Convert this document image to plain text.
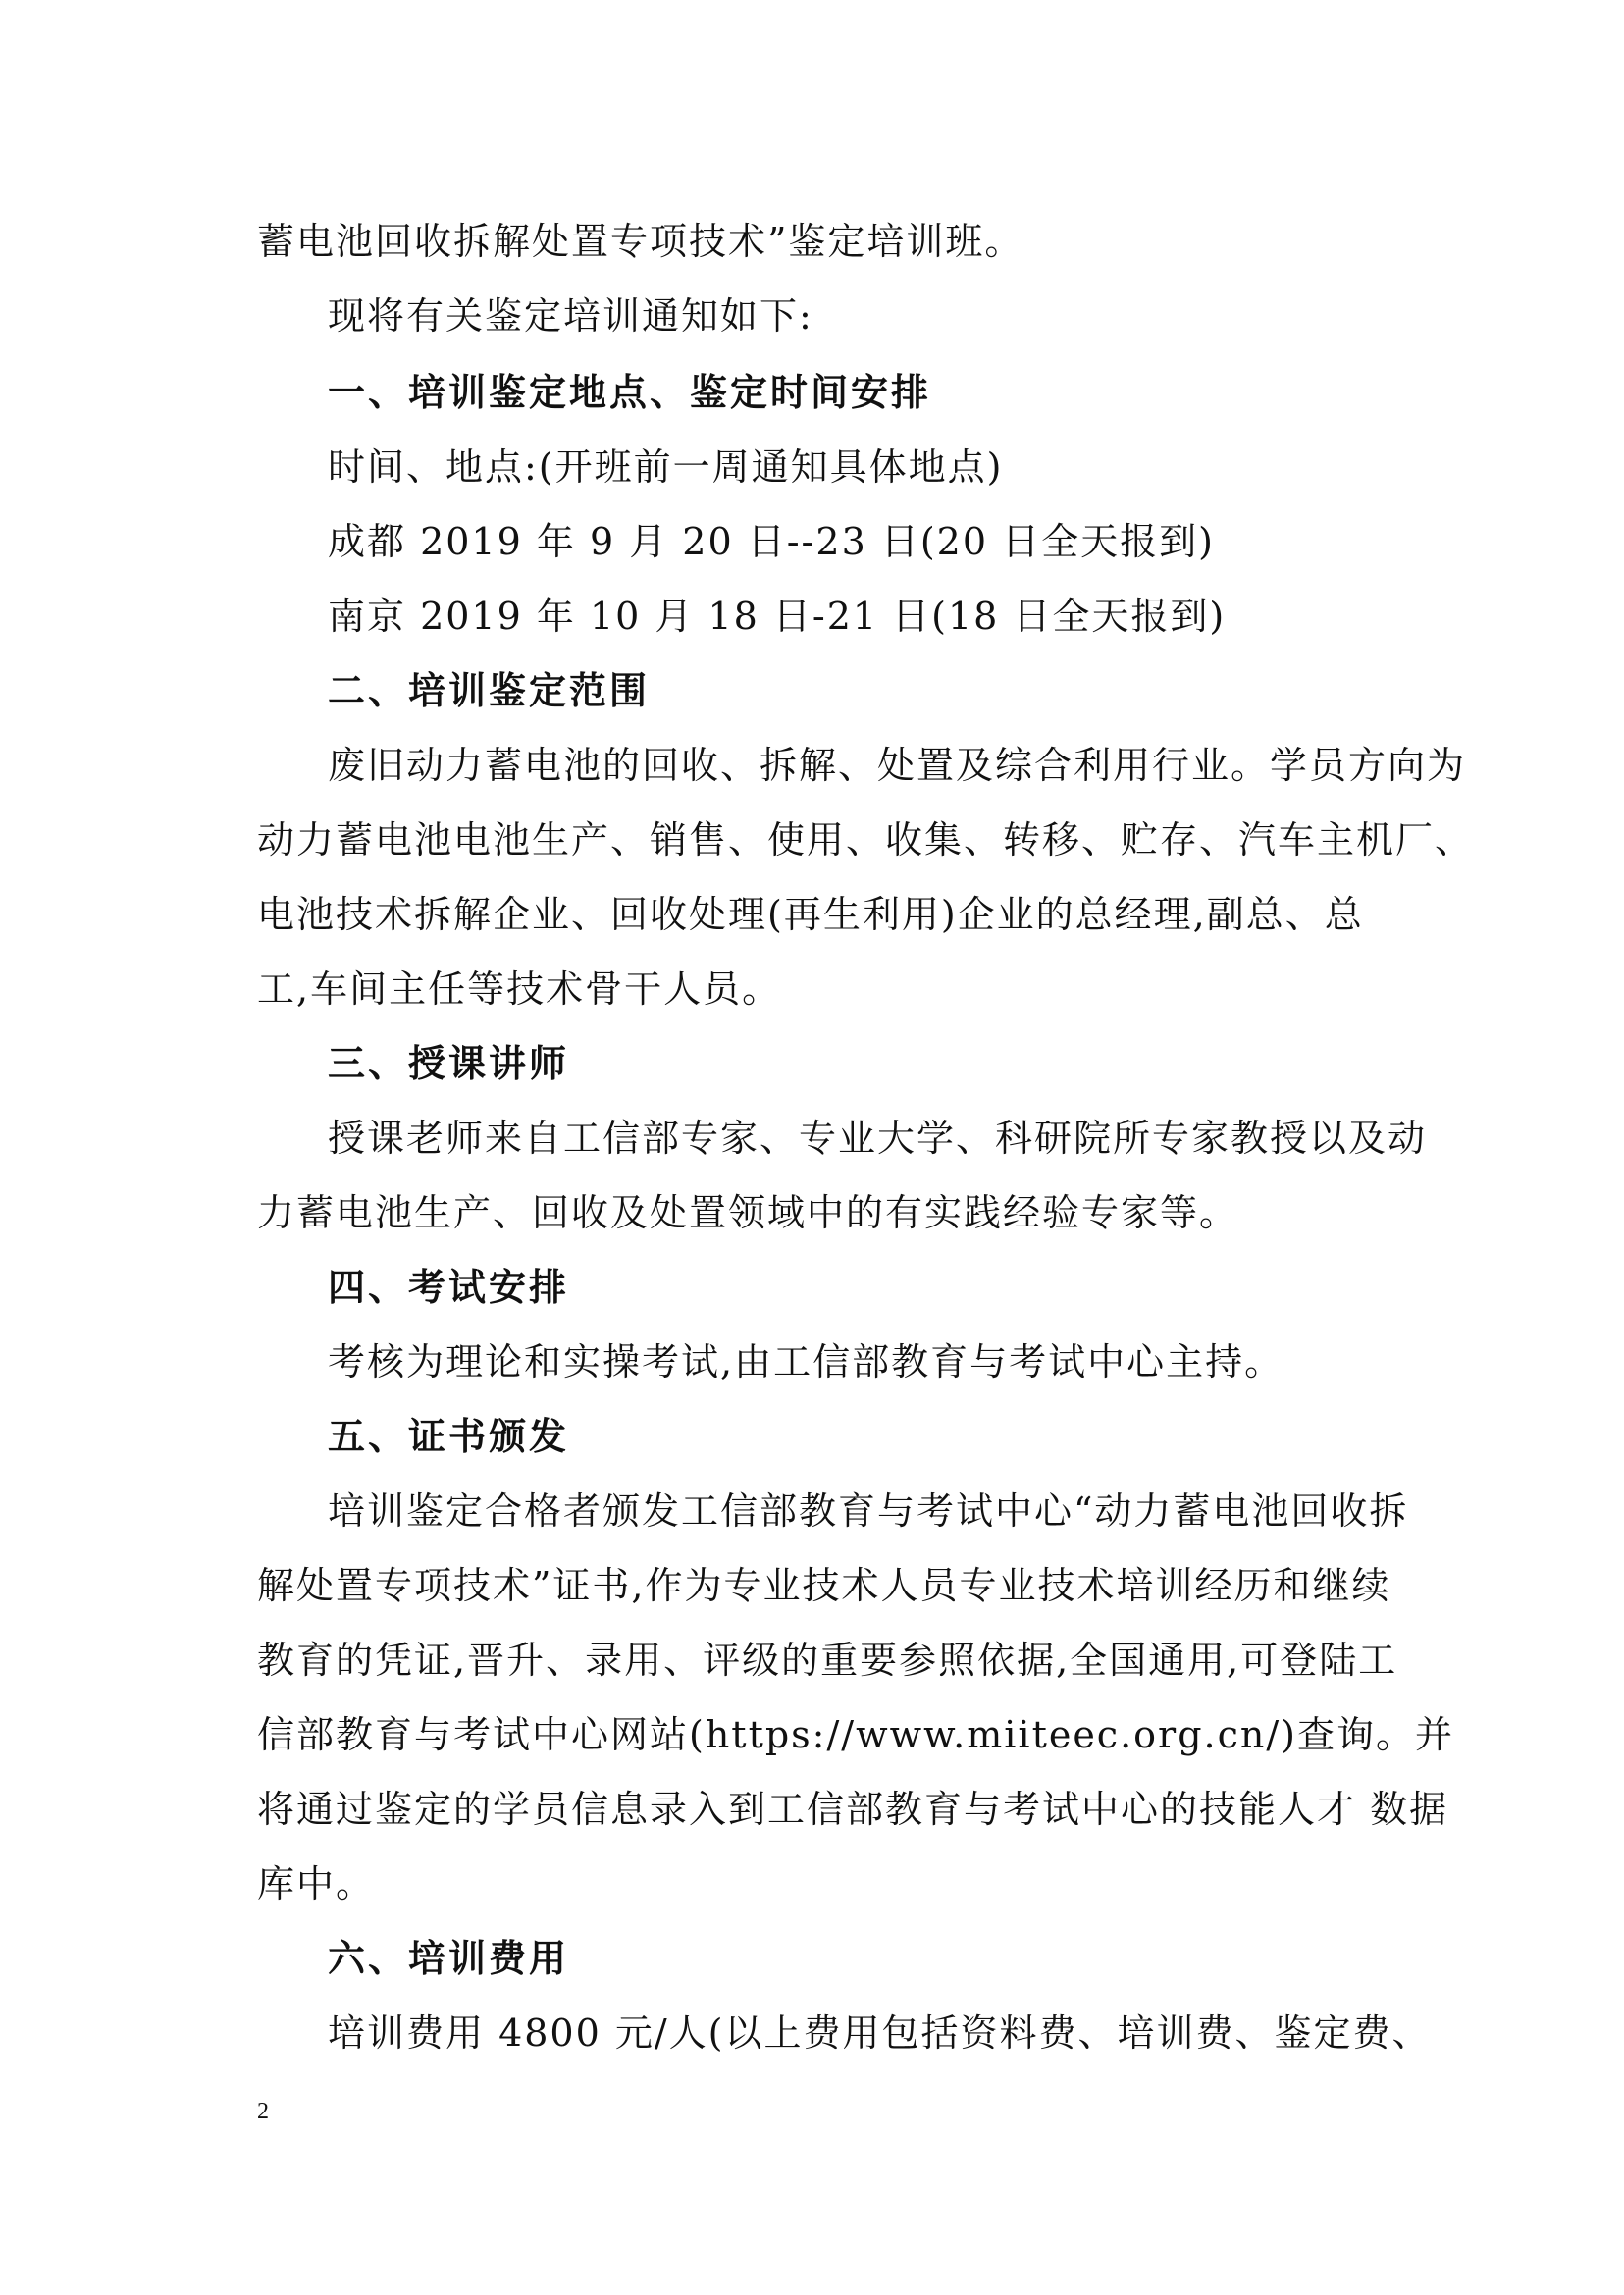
蓄电池回收拆解处置专项技术”鉴定培训班。
现将有关鉴定培训通知如下:
一、培训鉴定地点、鉴定时间安排
时间、地点:(开班前一周通知具体地点)
成都 2019 年 9 月 20 日--23 日(20 日全天报到)
南京 2019 年 10 月 18 日-21 日(18 日全天报到)
二、培训鉴定范围
废旧动力蓄电池的回收、拆解、处置及综合利用行业。学员方向为
动力蓄电池电池生产、销售、使用、收集、转移、贮存、汽车主机厂、
电池技术拆解企业、回收处理(再生利用)企业的总经理,副总、总
工,车间主任等技术骨干人员。
三、授课讲师
授课老师来自工信部专家、专业大学、科研院所专家教授以及动
力蓄电池生产、回收及处置领域中的有实践经验专家等。
四、考试安排
考核为理论和实操考试,由工信部教育与考试中心主持。
五、证书颁发
培训鉴定合格者颁发工信部教育与考试中心“动力蓄电池回收拆
解处置专项技术”证书,作为专业技术人员专业技术培训经历和继续
教育的凭证,晋升、录用、评级的重要参照依据,全国通用,可登陆工
信部教育与考试中心网站(https://www.miiteec.org.cn/)查询。并
将通过鉴定的学员信息录入到工信部教育与考试中心的技能人才 数据
库中。
六、培训费用
培训费用 4800 元/人(以上费用包括资料费、培训费、鉴定费、
2
